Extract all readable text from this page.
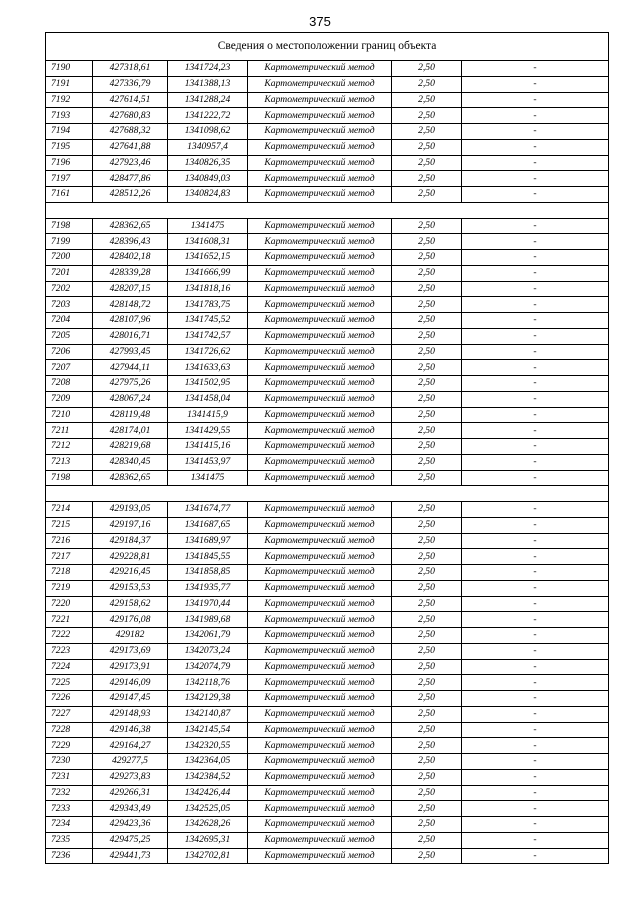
375
Сведения о местоположении границ объекта					
7190	427318,61	1341724,23	Картометрический метод	2,50	-
7191	427336,79	1341388,13	Картометрический метод	2,50	-
7192	427614,51	1341288,24	Картометрический метод	2,50	-
7193	427680,83	1341222,72	Картометрический метод	2,50	-
7194	427688,32	1341098,62	Картометрический метод	2,50	-
7195	427641,88	1340957,4	Картометрический метод	2,50	-
7196	427923,46	1340826,35	Картометрический метод	2,50	-
7197	428477,86	1340849,03	Картометрический метод	2,50	-
7161	428512,26	1340824,83	Картометрический метод	2,50	-

7198	428362,65	1341475	Картометрический метод	2,50	-
7199	428396,43	1341608,31	Картометрический метод	2,50	-
7200	428402,18	1341652,15	Картометрический метод	2,50	-
7201	428339,28	1341666,99	Картометрический метод	2,50	-
7202	428207,15	1341818,16	Картометрический метод	2,50	-
7203	428148,72	1341783,75	Картометрический метод	2,50	-
7204	428107,96	1341745,52	Картометрический метод	2,50	-
7205	428016,71	1341742,57	Картометрический метод	2,50	-
7206	427993,45	1341726,62	Картометрический метод	2,50	-
7207	427944,11	1341633,63	Картометрический метод	2,50	-
7208	427975,26	1341502,95	Картометрический метод	2,50	-
7209	428067,24	1341458,04	Картометрический метод	2,50	-
7210	428119,48	1341415,9	Картометрический метод	2,50	-
7211	428174,01	1341429,55	Картометрический метод	2,50	-
7212	428219,68	1341415,16	Картометрический метод	2,50	-
7213	428340,45	1341453,97	Картометрический метод	2,50	-
7198	428362,65	1341475	Картометрический метод	2,50	-

7214	429193,05	1341674,77	Картометрический метод	2,50	-
7215	429197,16	1341687,65	Картометрический метод	2,50	-
7216	429184,37	1341689,97	Картометрический метод	2,50	-
7217	429228,81	1341845,55	Картометрический метод	2,50	-
7218	429216,45	1341858,85	Картометрический метод	2,50	-
7219	429153,53	1341935,77	Картометрический метод	2,50	-
7220	429158,62	1341970,44	Картометрический метод	2,50	-
7221	429176,08	1341989,68	Картометрический метод	2,50	-
7222	429182	1342061,79	Картометрический метод	2,50	-
7223	429173,69	1342073,24	Картометрический метод	2,50	-
7224	429173,91	1342074,79	Картометрический метод	2,50	-
7225	429146,09	1342118,76	Картометрический метод	2,50	-
7226	429147,45	1342129,38	Картометрический метод	2,50	-
7227	429148,93	1342140,87	Картометрический метод	2,50	-
7228	429146,38	1342145,54	Картометрический метод	2,50	-
7229	429164,27	1342320,55	Картометрический метод	2,50	-
7230	429277,5	1342364,05	Картометрический метод	2,50	-
7231	429273,83	1342384,52	Картометрический метод	2,50	-
7232	429266,31	1342426,44	Картометрический метод	2,50	-
7233	429343,49	1342525,05	Картометрический метод	2,50	-
7234	429423,36	1342628,26	Картометрический метод	2,50	-
7235	429475,25	1342695,31	Картометрический метод	2,50	-
7236	429441,73	1342702,81	Картометрический метод	2,50	-
